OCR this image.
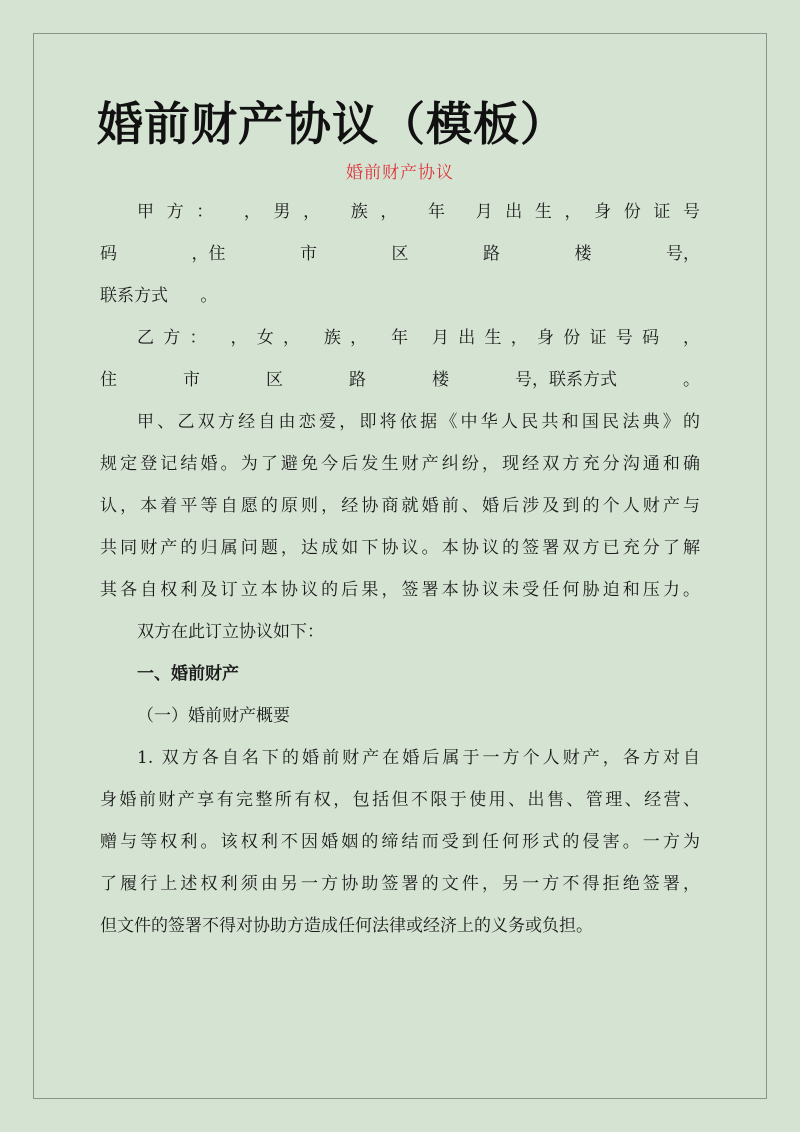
婚前财产协议（模板）
婚前财产协议
甲方： ，男， 族， 年 月出生，身份证号
码	，住	市	区	路	楼	号，
联系方式      。
乙方： ，女， 族， 年 月出生，身份证号码 ，
住	市	区	路	楼	号，联系方式	。
甲、乙双方经自由恋爱，即将依据《中华人民共和国民法典》的
规定登记结婚。为了避免今后发生财产纠纷，现经双方充分沟通和确
认，本着平等自愿的原则，经协商就婚前、婚后涉及到的个人财产与
共同财产的归属问题，达成如下协议。本协议的签署双方已充分了解
其各自权利及订立本协议的后果，签署本协议未受任何胁迫和压力。
双方在此订立协议如下：
一、婚前财产
（一）婚前财产概要
1. 双方各自名下的婚前财产在婚后属于一方个人财产，各方对自
身婚前财产享有完整所有权，包括但不限于使用、出售、管理、经营、
赠与等权利。该权利不因婚姻的缔结而受到任何形式的侵害。一方为
了履行上述权利须由另一方协助签署的文件，另一方不得拒绝签署，
但文件的签署不得对协助方造成任何法律或经济上的义务或负担。
